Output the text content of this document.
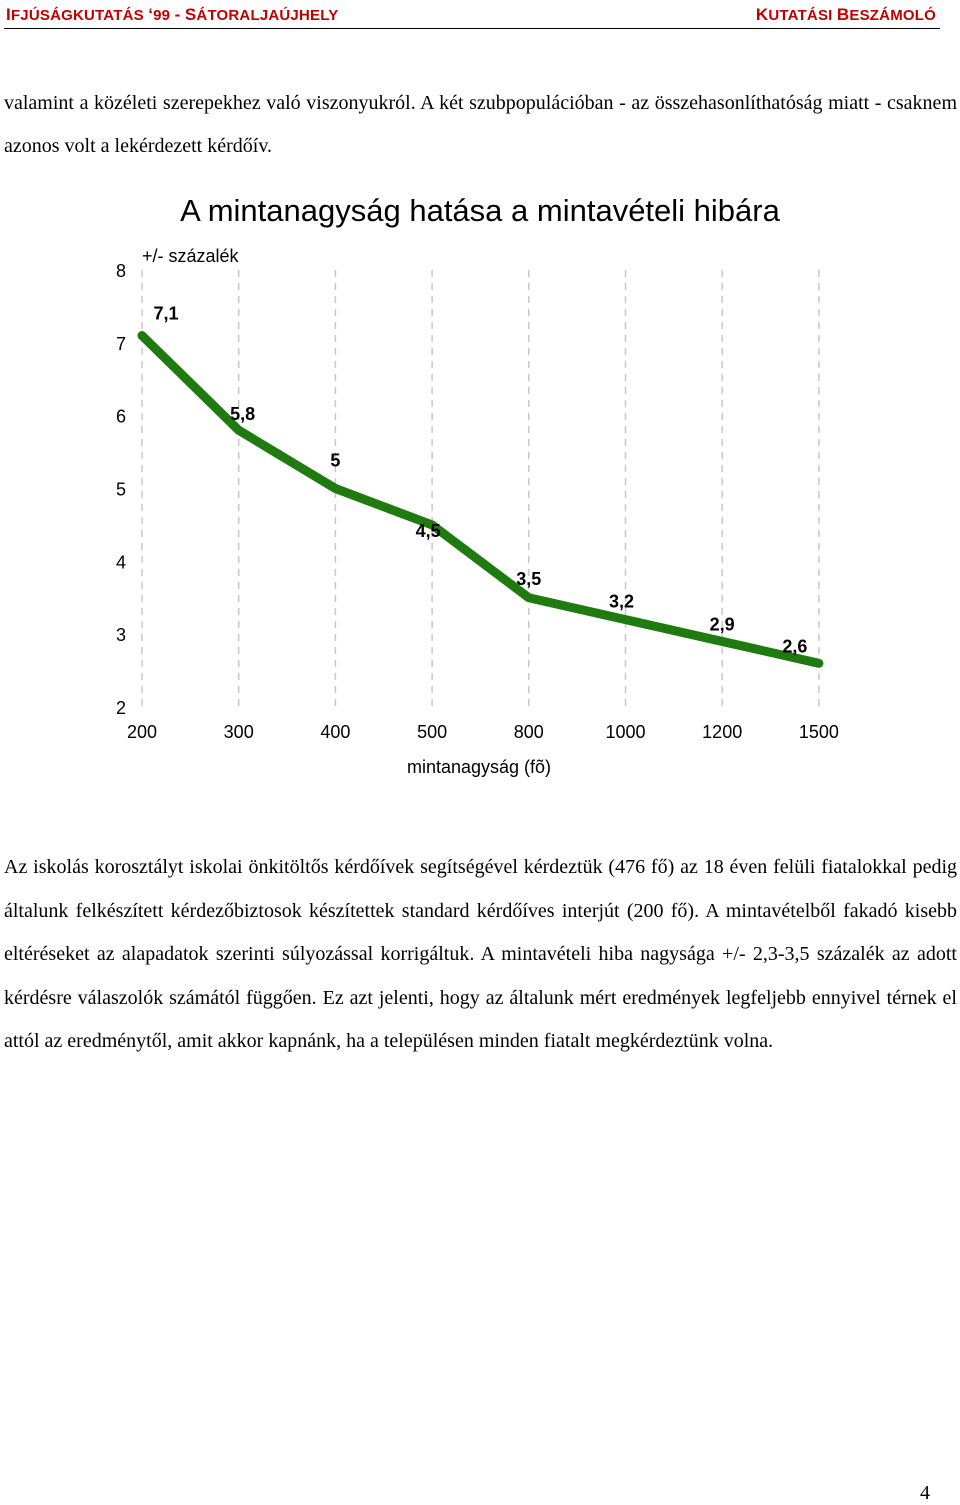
IFJÚSÁGKUTATÁS ‘99 - SÁTORALJAÚJHELY	KUTATÁSI BESZÁMOLÓ
valamint a közéleti szerepekhez való viszonyukról. A két szubpopulációban - az összehasonlíthatóság miatt - csaknem azonos volt a lekérdezett kérdőív.
A mintanagyság hatása a mintavételi hibára
+/- százalék
2
3
4
5
6
7
8
200	300	400	500	800	1000	1200	1500
7,1
5,8
5
4,5
3,5
3,2
2,9
2,6
mintanagyság (fõ)
Az iskolás korosztályt iskolai önkitöltős kérdőívek segítségével kérdeztük (476 fő) az 18 éven felüli fiatalokkal pedig általunk felkészített kérdezőbiztosok készítettek standard kérdőíves interjút (200 fő). A mintavételből fakadó kisebb eltéréseket az alapadatok szerinti súlyozással korrigáltuk. A mintavételi hiba nagysága +/- 2,3-3,5 százalék az adott kérdésre válaszolók számától függően. Ez azt jelenti, hogy az általunk mért eredmények legfeljebb ennyivel térnek el attól az eredménytől, amit akkor kapnánk, ha a településen minden fiatalt megkérdeztünk volna.
4
